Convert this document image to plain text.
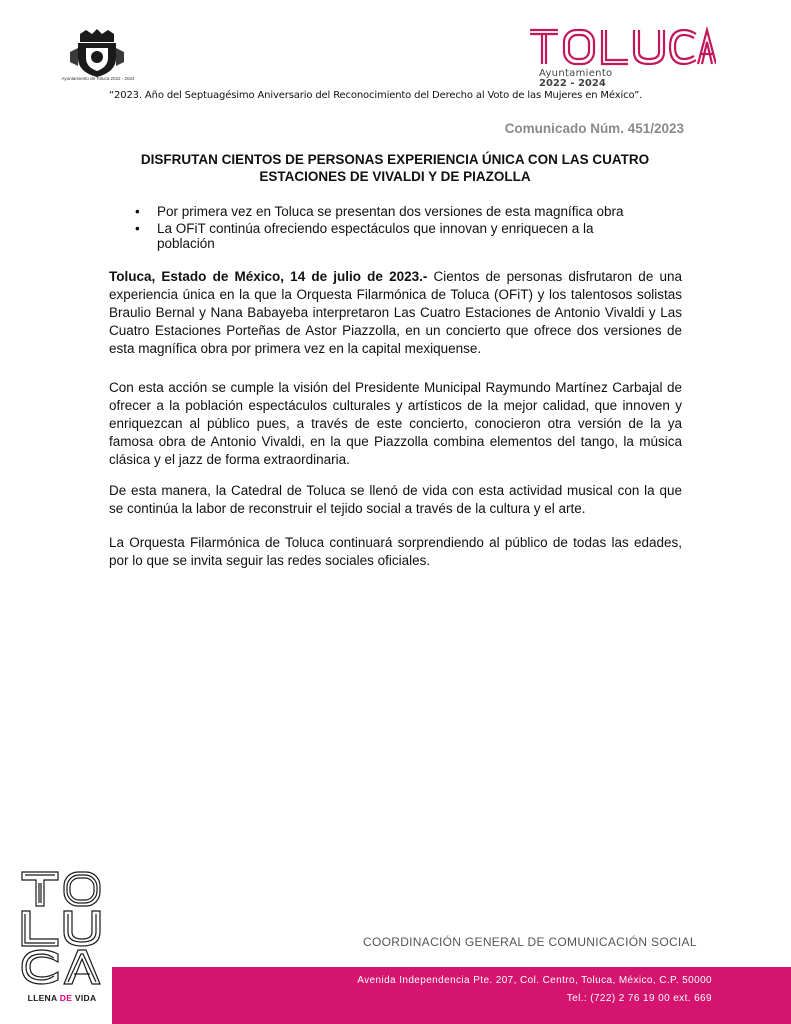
Ayuntamiento de Toluca 2022 - 2024	Ayuntamiento
2022 - 2024
“2023. Año del Septuagésimo Aniversario del Reconocimiento del Derecho al Voto de las Mujeres en México”.
Comunicado Núm. 451/2023
DISFRUTAN CIENTOS DE PERSONAS EXPERIENCIA ÚNICA CON LAS CUATRO ESTACIONES DE VIVALDI Y DE PIAZOLLA
• Por primera vez en Toluca se presentan dos versiones de esta magnífica obra
• La OFiT continúa ofreciendo espectáculos que innovan y enriquecen a la población
Toluca, Estado de México, 14 de julio de 2023.- Cientos de personas disfrutaron de una experiencia única en la que la Orquesta Filarmónica de Toluca (OFiT) y los talentosos solistas Braulio Bernal y Nana Babayeba interpretaron Las Cuatro Estaciones de Antonio Vivaldi y Las Cuatro Estaciones Porteñas de Astor Piazzolla, en un concierto que ofrece dos versiones de esta magnífica obra por primera vez en la capital mexiquense.
Con esta acción se cumple la visión del Presidente Municipal Raymundo Martínez Carbajal de ofrecer a la población espectáculos culturales y artísticos de la mejor calidad, que innoven y enriquezcan al público pues, a través de este concierto, conocieron otra versión de la ya famosa obra de Antonio Vivaldi, en la que Piazzolla combina elementos del tango, la música clásica y el jazz de forma extraordinaria.
De esta manera, la Catedral de Toluca se llenó de vida con esta actividad musical con la que se continúa la labor de reconstruir el tejido social a través de la cultura y el arte.
La Orquesta Filarmónica de Toluca continuará sorprendiendo al público de todas las edades, por lo que se invita seguir las redes sociales oficiales.
LLENA DE VIDA
COORDINACIÓN GENERAL DE COMUNICACIÓN SOCIAL
Avenida Independencia Pte. 207, Col. Centro, Toluca, México, C.P. 50000
Tel.: (722) 2 76 19 00 ext. 669
